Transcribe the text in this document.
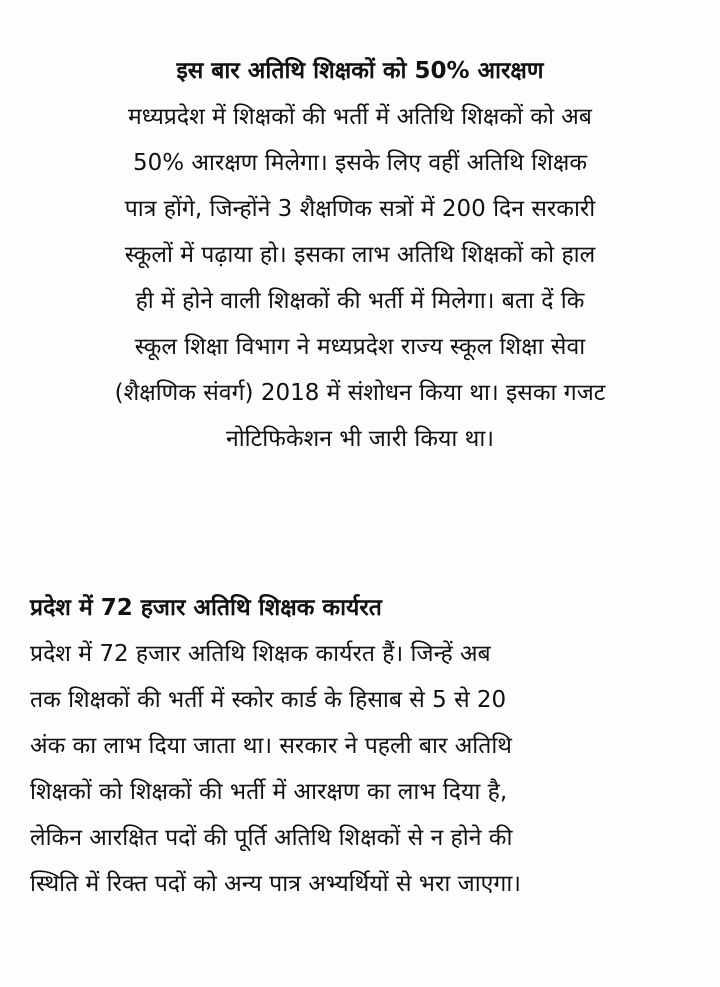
इस बार अतिथि शिक्षकों को 50% आरक्षण
मध्यप्रदेश में शिक्षकों की भर्ती में अतिथि शिक्षकों को अब
50% आरक्षण मिलेगा। इसके लिए वहीं अतिथि शिक्षक
पात्र होंगे, जिन्होंने 3 शैक्षणिक सत्रों में 200 दिन सरकारी
स्कूलों में पढ़ाया हो। इसका लाभ अतिथि शिक्षकों को हाल
ही में होने वाली शिक्षकों की भर्ती में मिलेगा। बता दें कि
स्कूल शिक्षा विभाग ने मध्यप्रदेश राज्य स्कूल शिक्षा सेवा
(शैक्षणिक संवर्ग) 2018 में संशोधन किया था। इसका गजट
नोटिफिकेशन भी जारी किया था।
प्रदेश में 72 हजार अतिथि शिक्षक कार्यरत
प्रदेश में 72 हजार अतिथि शिक्षक कार्यरत हैं। जिन्हें अब
तक शिक्षकों की भर्ती में स्कोर कार्ड के हिसाब से 5 से 20
अंक का लाभ दिया जाता था। सरकार ने पहली बार अतिथि
शिक्षकों को शिक्षकों की भर्ती में आरक्षण का लाभ दिया है,
लेकिन आरक्षित पदों की पूर्ति अतिथि शिक्षकों से न होने की
स्थिति में रिक्त पदों को अन्य पात्र अभ्यर्थियों से भरा जाएगा।
